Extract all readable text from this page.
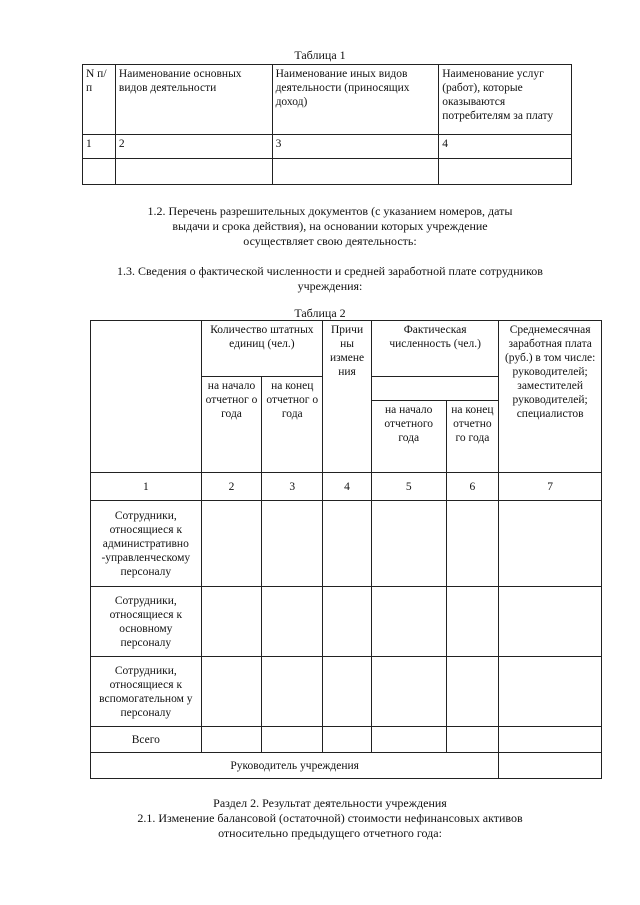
Таблица 1
N п/п	Наименование основных видов деятельности	Наименование иных видов деятельности (приносящих доход)	Наименование услуг (работ), которые оказываются потребителям за плату
1	2	3	4

1.2. Перечень разрешительных документов (с указанием номеров, даты
выдачи и срока действия), на основании которых учреждение
осуществляет свою деятельность:
1.3. Сведения о фактической численности и средней заработной плате сотрудников
учреждения:
Таблица 2
	Количество штатных единиц (чел.)		Причи ны измене ния	Фактическая численность (чел.)		Среднемесячная заработная плата (руб.) в том числе: руководителей; заместителей руководителей; специалистов
	на начало отчетног о года	на конец отчетног о года				
				на начало отчетного года	на конец отчетно го года	
1	2	3	4	5	6	7
Сотрудники, относящиеся к административно -управленческому персоналу						
Сотрудники, относящиеся к основному персоналу						
Сотрудники, относящиеся к вспомогательном у персоналу						
Всего						
Руководитель учреждения						
Раздел 2. Результат деятельности учреждения
2.1. Изменение балансовой (остаточной) стоимости нефинансовых активов
относительно предыдущего отчетного года:
